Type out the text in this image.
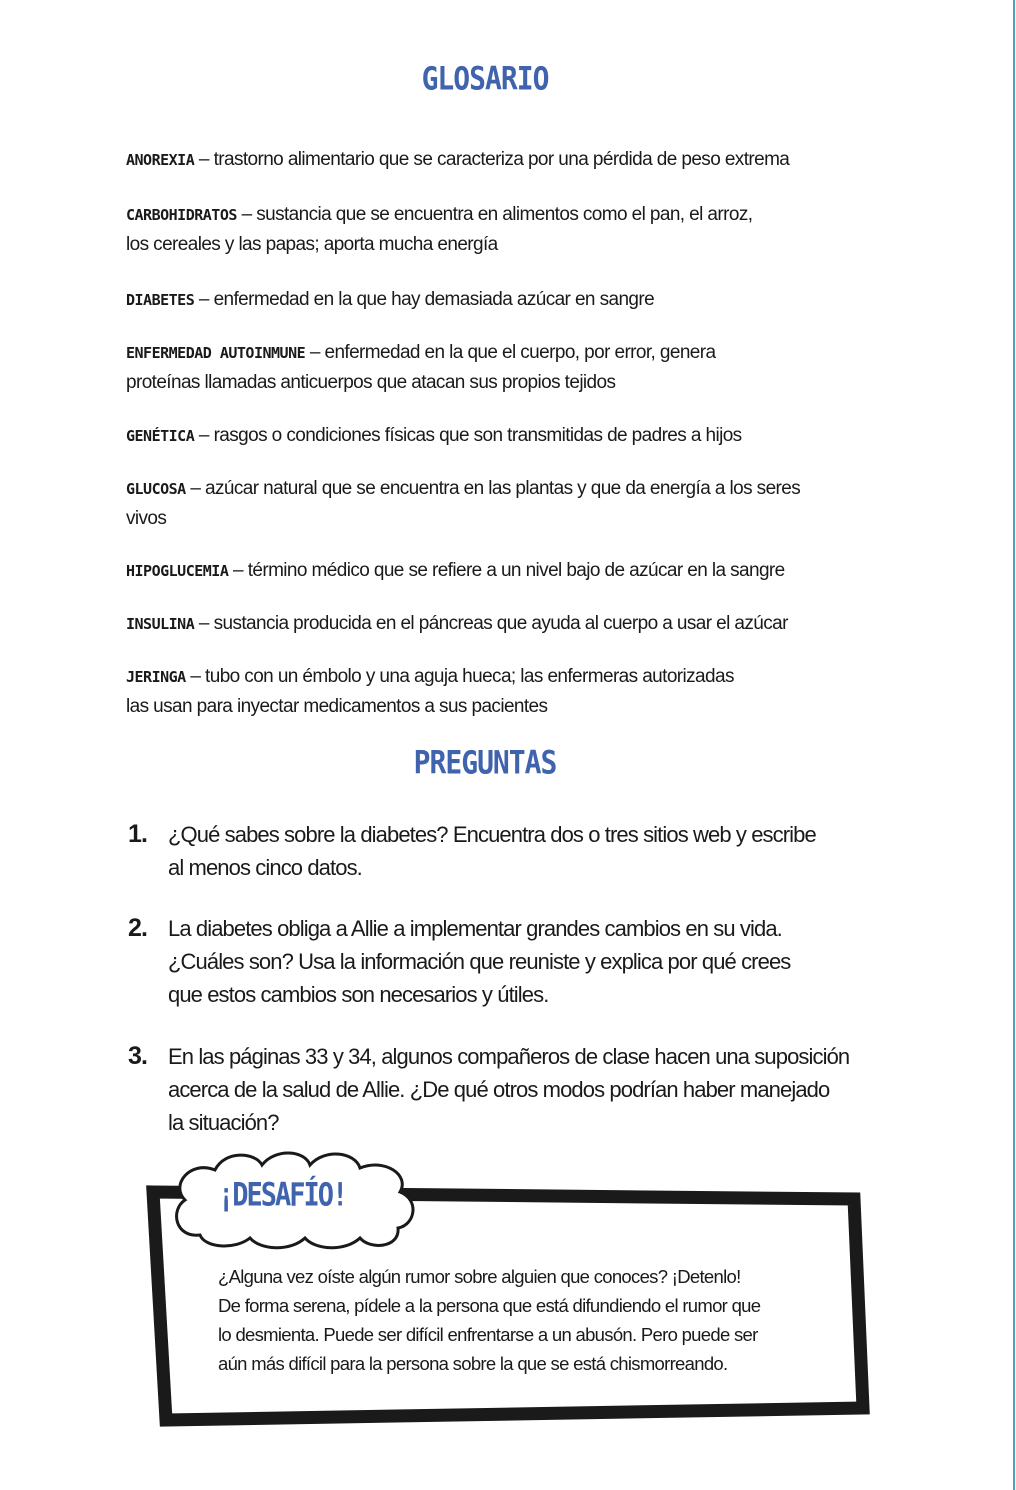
GLOSARIO
ANOREXIA – trastorno alimentario que se caracteriza por una pérdida de peso extrema
CARBOHIDRATOS – sustancia que se encuentra en alimentos como el pan, el arroz,
los cereales y las papas; aporta mucha energía
DIABETES – enfermedad en la que hay demasiada azúcar en sangre
ENFERMEDAD AUTOINMUNE – enfermedad en la que el cuerpo, por error, genera
proteínas llamadas anticuerpos que atacan sus propios tejidos
GENÉTICA – rasgos o condiciones físicas que son transmitidas de padres a hijos
GLUCOSA – azúcar natural que se encuentra en las plantas y que da energía a los seres
vivos
HIPOGLUCEMIA – término médico que se refiere a un nivel bajo de azúcar en la sangre
INSULINA – sustancia producida en el páncreas que ayuda al cuerpo a usar el azúcar
JERINGA – tubo con un émbolo y una aguja hueca; las enfermeras autorizadas
las usan para inyectar medicamentos a sus pacientes
PREGUNTAS
1. ¿Qué sabes sobre la diabetes? Encuentra dos o tres sitios web y escribe
al menos cinco datos.
2. La diabetes obliga a Allie a implementar grandes cambios en su vida.
¿Cuáles son? Usa la información que reuniste y explica por qué crees
que estos cambios son necesarios y útiles.
3. En las páginas 33 y 34, algunos compañeros de clase hacen una suposición
acerca de la salud de Allie. ¿De qué otros modos podrían haber manejado
la situación?
¡DESAFÍO!
¿Alguna vez oíste algún rumor sobre alguien que conoces? ¡Detenlo!
De forma serena, pídele a la persona que está difundiendo el rumor que
lo desmienta. Puede ser difícil enfrentarse a un abusón. Pero puede ser
aún más difícil para la persona sobre la que se está chismorreando.
